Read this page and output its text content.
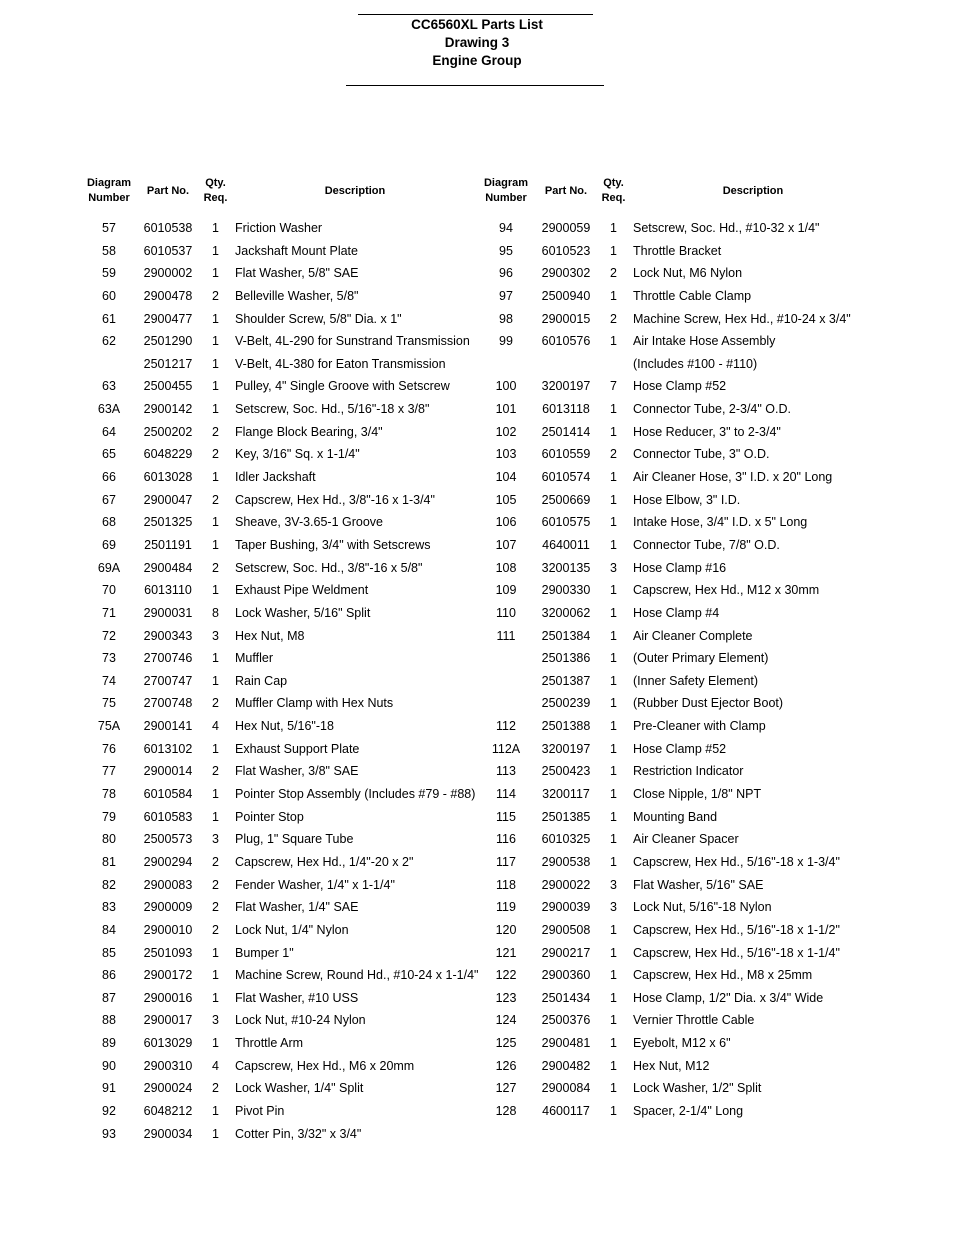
CC6560XL Parts List
Drawing 3
Engine Group
Diagram
Number
Part No.
Qty.
Req.
Description
Diagram
Number
Part No.
Qty.
Req.
Description
57	6010538	1	Friction Washer
58	6010537	1	Jackshaft Mount Plate
59	2900002	1	Flat Washer, 5/8" SAE
60	2900478	2	Belleville Washer, 5/8"
61	2900477	1	Shoulder Screw, 5/8" Dia. x 1"
62	2501290	1	V-Belt, 4L-290 for Sunstrand Transmission
2501217	1	V-Belt, 4L-380 for Eaton Transmission
63	2500455	1	Pulley, 4" Single Groove with Setscrew
63A	2900142	1	Setscrew, Soc. Hd., 5/16"-18 x 3/8"
64	2500202	2	Flange Block Bearing, 3/4"
65	6048229	2	Key, 3/16" Sq. x 1-1/4"
66	6013028	1	Idler Jackshaft
67	2900047	2	Capscrew, Hex Hd., 3/8"-16 x 1-3/4"
68	2501325	1	Sheave, 3V-3.65-1 Groove
69	2501191	1	Taper Bushing, 3/4" with Setscrews
69A	2900484	2	Setscrew, Soc. Hd., 3/8"-16 x 5/8"
70	6013110	1	Exhaust Pipe Weldment
71	2900031	8	Lock Washer, 5/16" Split
72	2900343	3	Hex Nut, M8
73	2700746	1	Muffler
74	2700747	1	Rain Cap
75	2700748	2	Muffler Clamp with Hex Nuts
75A	2900141	4	Hex Nut, 5/16"-18
76	6013102	1	Exhaust Support Plate
77	2900014	2	Flat Washer, 3/8" SAE
78	6010584	1	Pointer Stop Assembly (Includes #79 - #88)
79	6010583	1	Pointer Stop
80	2500573	3	Plug, 1" Square Tube
81	2900294	2	Capscrew, Hex Hd., 1/4"-20 x 2"
82	2900083	2	Fender Washer, 1/4" x 1-1/4"
83	2900009	2	Flat Washer, 1/4" SAE
84	2900010	2	Lock Nut, 1/4" Nylon
85	2501093	1	Bumper 1"
86	2900172	1	Machine Screw, Round Hd., #10-24 x 1-1/4"
87	2900016	1	Flat Washer, #10 USS
88	2900017	3	Lock Nut, #10-24 Nylon
89	6013029	1	Throttle Arm
90	2900310	4	Capscrew, Hex Hd., M6 x 20mm
91	2900024	2	Lock Washer, 1/4" Split
92	6048212	1	Pivot Pin
93	2900034	1	Cotter Pin, 3/32" x 3/4"
94	2900059	1	Setscrew, Soc. Hd., #10-32 x 1/4"
95	6010523	1	Throttle Bracket
96	2900302	2	Lock Nut, M6 Nylon
97	2500940	1	Throttle Cable Clamp
98	2900015	2	Machine Screw, Hex Hd., #10-24 x 3/4"
99	6010576	1	Air Intake Hose Assembly
(Includes #100 - #110)
100	3200197	7	Hose Clamp #52
101	6013118	1	Connector Tube, 2-3/4" O.D.
102	2501414	1	Hose Reducer, 3" to 2-3/4"
103	6010559	2	Connector Tube, 3" O.D.
104	6010574	1	Air Cleaner Hose, 3" I.D. x 20" Long
105	2500669	1	Hose Elbow, 3" I.D.
106	6010575	1	Intake Hose, 3/4" I.D. x 5" Long
107	4640011	1	Connector Tube, 7/8" O.D.
108	3200135	3	Hose Clamp #16
109	2900330	1	Capscrew, Hex Hd., M12 x 30mm
110	3200062	1	Hose Clamp #4
111	2501384	1	Air Cleaner Complete
2501386	1	(Outer Primary Element)
2501387	1	(Inner Safety Element)
2500239	1	(Rubber Dust Ejector Boot)
112	2501388	1	Pre-Cleaner with Clamp
112A	3200197	1	Hose Clamp #52
113	2500423	1	Restriction Indicator
114	3200117	1	Close Nipple, 1/8" NPT
115	2501385	1	Mounting Band
116	6010325	1	Air Cleaner Spacer
117	2900538	1	Capscrew, Hex Hd., 5/16"-18 x 1-3/4"
118	2900022	3	Flat Washer, 5/16" SAE
119	2900039	3	Lock Nut, 5/16"-18 Nylon
120	2900508	1	Capscrew, Hex Hd., 5/16"-18 x 1-1/2"
121	2900217	1	Capscrew, Hex Hd., 5/16"-18 x 1-1/4"
122	2900360	1	Capscrew, Hex Hd., M8 x 25mm
123	2501434	1	Hose Clamp, 1/2" Dia. x 3/4" Wide
124	2500376	1	Vernier Throttle Cable
125	2900481	1	Eyebolt, M12 x 6"
126	2900482	1	Hex Nut, M12
127	2900084	1	Lock Washer, 1/2" Split
128	4600117	1	Spacer, 2-1/4" Long
